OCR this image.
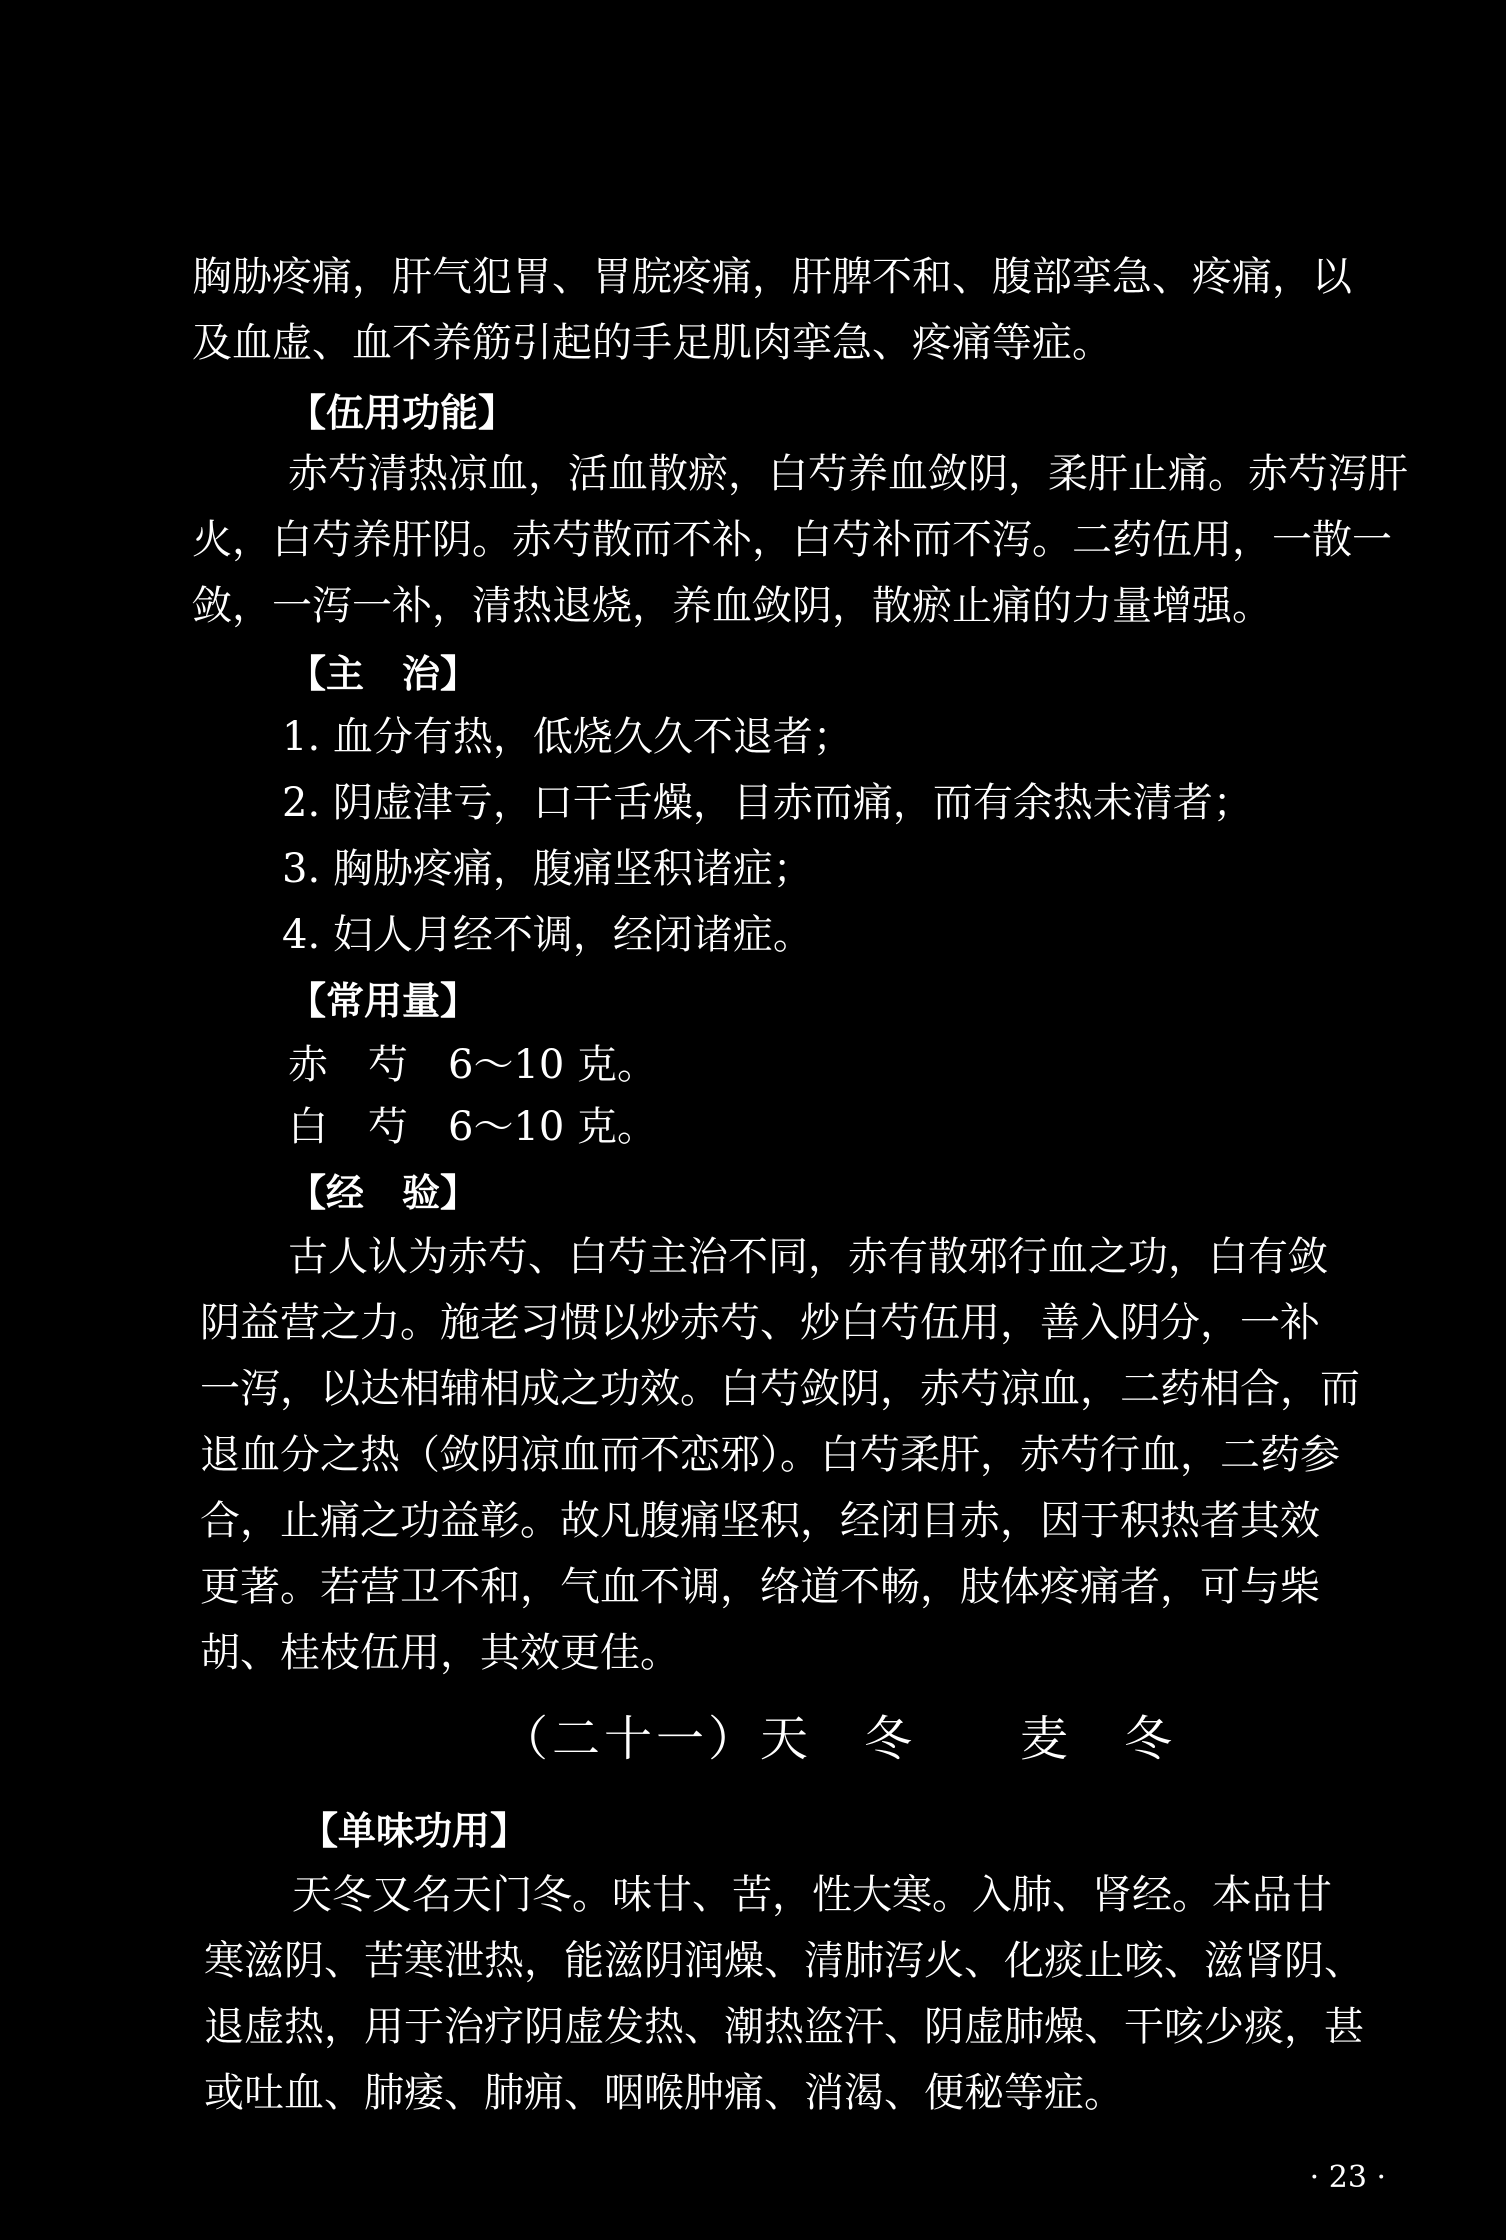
胸胁疼痛，肝气犯胃、胃脘疼痛，肝脾不和、腹部挛急、疼痛，以
及血虚、血不养筋引起的手足肌肉挛急、疼痛等症。
【伍用功能】
赤芍清热凉血，活血散瘀，白芍养血敛阴，柔肝止痛。赤芍泻肝
火，白芍养肝阴。赤芍散而不补，白芍补而不泻。二药伍用，一散一
敛，一泻一补，清热退烧，养血敛阴，散瘀止痛的力量增强。
【主　治】
1. 血分有热，低烧久久不退者；
2. 阴虚津亏，口干舌燥，目赤而痛，而有余热未清者；
3. 胸胁疼痛，腹痛坚积诸症；
4. 妇人月经不调，经闭诸症。
【常用量】
赤　芍　6～10 克。
白　芍　6～10 克。
【经　验】
古人认为赤芍、白芍主治不同，赤有散邪行血之功，白有敛
阴益营之力。施老习惯以炒赤芍、炒白芍伍用，善入阴分，一补
一泻，以达相辅相成之功效。白芍敛阴，赤芍凉血，二药相合，而
退血分之热（敛阴凉血而不恋邪）。白芍柔肝，赤芍行血，二药参
合，止痛之功益彰。故凡腹痛坚积，经闭目赤，因于积热者其效
更著。若营卫不和，气血不调，络道不畅，肢体疼痛者，可与柴
胡、桂枝伍用，其效更佳。
（二十一）天　冬　　麦　冬
【单味功用】
天冬又名天门冬。味甘、苦，性大寒。入肺、肾经。本品甘
寒滋阴、苦寒泄热，能滋阴润燥、清肺泻火、化痰止咳、滋肾阴、
退虚热，用于治疗阴虚发热、潮热盗汗、阴虚肺燥、干咳少痰，甚
或吐血、肺痿、肺痈、咽喉肿痛、消渴、便秘等症。
· 23 ·
